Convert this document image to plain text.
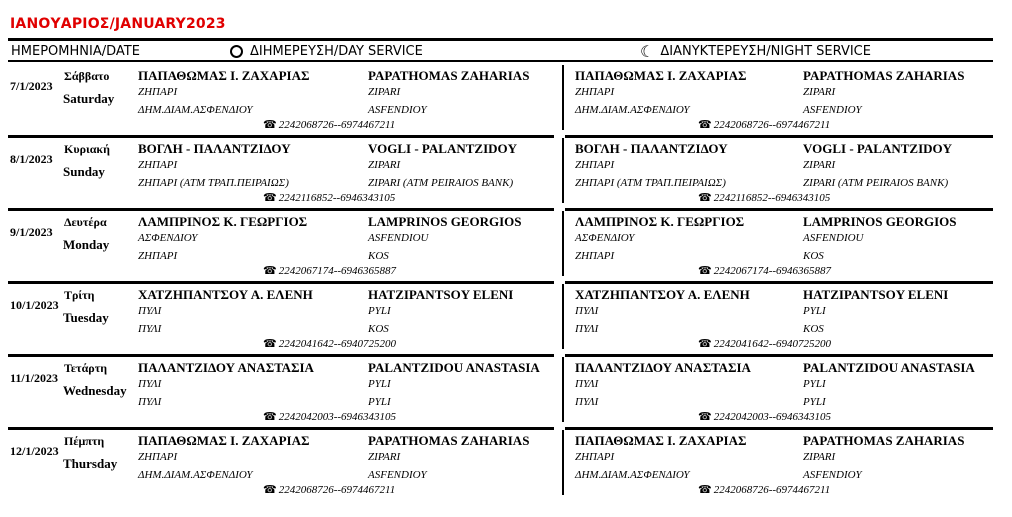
ΙΑΝΟΥΑΡΙΟΣ/JANUARY2023
ΗΜΕΡΟΜΗΝΙΑ/DATE	ΔΙΗΜΕΡΕΥΣΗ/DAY SERVICE	☾ ΔΙΑΝΥΚΤΕΡΕΥΣΗ/NIGHT SERVICE
7/1/2023
Σάββατο
Saturday
ΠΑΠΑΘΩΜΑΣ Ι. ΖΑΧΑΡΙΑΣ
ΖΗΠΑΡΙ
ΔΗΜ.ΔΙΑΜ.ΑΣΦΕΝΔΙΟΥ
PAPATHOMAS ZAHARIAS
ZIPARI
ASFENDIOY
☎ 2242068726--6974467211
ΠΑΠΑΘΩΜΑΣ Ι. ΖΑΧΑΡΙΑΣ
ΖΗΠΑΡΙ
ΔΗΜ.ΔΙΑΜ.ΑΣΦΕΝΔΙΟΥ
PAPATHOMAS ZAHARIAS
ZIPARI
ASFENDIOY
☎ 2242068726--6974467211
8/1/2023
Κυριακή
Sunday
ΒΟΓΛΗ - ΠΑΛΑΝΤΖΙΔΟΥ
ΖΗΠΑΡΙ
ΖΗΠΑΡΙ (ΑΤΜ ΤΡΑΠ.ΠΕΙΡΑΙΩΣ)
VOGLI - PALANTZIDOY
ZIPARI
ZIPARI (ATM PEIRAIOS BANK)
☎ 2242116852--6946343105
ΒΟΓΛΗ - ΠΑΛΑΝΤΖΙΔΟΥ
ΖΗΠΑΡΙ
ΖΗΠΑΡΙ (ΑΤΜ ΤΡΑΠ.ΠΕΙΡΑΙΩΣ)
VOGLI - PALANTZIDOY
ZIPARI
ZIPARI (ATM PEIRAIOS BANK)
☎ 2242116852--6946343105
9/1/2023
Δευτέρα
Monday
ΛΑΜΠΡΙΝΟΣ Κ. ΓΕΩΡΓΙΟΣ
ΑΣΦΕΝΔΙΟΥ
ΖΗΠΑΡΙ
LAMPRINOS GEORGIOS
ASFENDIOU
KOS
☎ 2242067174--6946365887
ΛΑΜΠΡΙΝΟΣ Κ. ΓΕΩΡΓΙΟΣ
ΑΣΦΕΝΔΙΟΥ
ΖΗΠΑΡΙ
LAMPRINOS GEORGIOS
ASFENDIOU
KOS
☎ 2242067174--6946365887
10/1/2023
Τρίτη
Tuesday
ΧΑΤΖΗΠΑΝΤΣΟΥ Α. ΕΛΕΝΗ
ΠΥΛΙ
ΠΥΛΙ
HATZIPANTSOY ELENI
PYLI
KOS
☎ 2242041642--6940725200
ΧΑΤΖΗΠΑΝΤΣΟΥ Α. ΕΛΕΝΗ
ΠΥΛΙ
ΠΥΛΙ
HATZIPANTSOY ELENI
PYLI
KOS
☎ 2242041642--6940725200
11/1/2023
Τετάρτη
Wednesday
ΠΑΛΑΝΤΖΙΔΟΥ ΑΝΑΣΤΑΣΙΑ
ΠΥΛΙ
ΠΥΛΙ
PALANTZIDOU ANASTASIA
PYLI
PYLI
☎ 2242042003--6946343105
ΠΑΛΑΝΤΖΙΔΟΥ ΑΝΑΣΤΑΣΙΑ
ΠΥΛΙ
ΠΥΛΙ
PALANTZIDOU ANASTASIA
PYLI
PYLI
☎ 2242042003--6946343105
12/1/2023
Πέμπτη
Thursday
ΠΑΠΑΘΩΜΑΣ Ι. ΖΑΧΑΡΙΑΣ
ΖΗΠΑΡΙ
ΔΗΜ.ΔΙΑΜ.ΑΣΦΕΝΔΙΟΥ
PAPATHOMAS ZAHARIAS
ZIPARI
ASFENDIOY
☎ 2242068726--6974467211
ΠΑΠΑΘΩΜΑΣ Ι. ΖΑΧΑΡΙΑΣ
ΖΗΠΑΡΙ
ΔΗΜ.ΔΙΑΜ.ΑΣΦΕΝΔΙΟΥ
PAPATHOMAS ZAHARIAS
ZIPARI
ASFENDIOY
☎ 2242068726--6974467211
